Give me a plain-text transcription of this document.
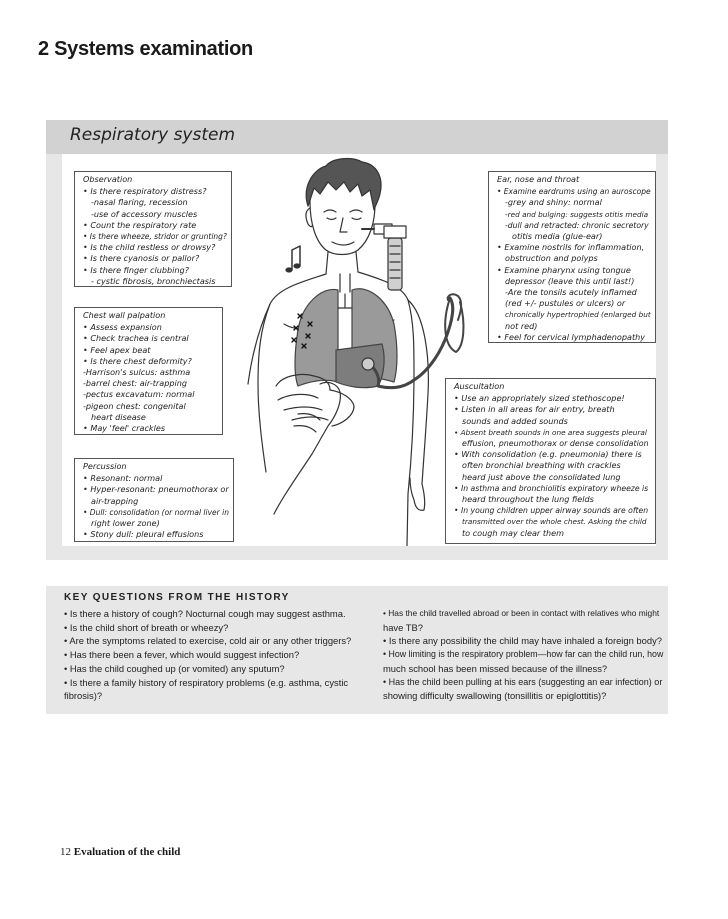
2 Systems examination
Respiratory system
Observation
• Is there respiratory distress?
-nasal flaring, recession
-use of accessory muscles
• Count the respiratory rate
• Is there wheeze, stridor or grunting?
• Is the child restless or drowsy?
• Is there cyanosis or pallor?
• Is there finger clubbing?
- cystic fibrosis, bronchiectasis
Chest wall palpation
• Assess expansion
• Check trachea is central
• Feel apex beat
• Is there chest deformity?
-Harrison's sulcus: asthma
-barrel chest: air-trapping
-pectus excavatum: normal
-pigeon chest: congenital
heart disease
• May 'feel' crackles
Percussion
• Resonant: normal
• Hyper-resonant: pneumothorax or
air-trapping
• Dull: consolidation (or normal liver in
right lower zone)
• Stony dull: pleural effusions
Ear, nose and throat
• Examine eardrums using an auroscope
-grey and shiny: normal
-red and bulging: suggests otitis media
-dull and retracted: chronic secretory
otitis media (glue-ear)
• Examine nostrils for inflammation,
obstruction and polyps
• Examine pharynx using tongue
depressor (leave this until last!)
-Are the tonsils acutely inflamed
(red +/- pustules or ulcers) or
chronically hypertrophied (enlarged but
not red)
• Feel for cervical lymphadenopathy
Auscultation
• Use an appropriately sized stethoscope!
• Listen in all areas for air entry, breath
sounds and added sounds
• Absent breath sounds in one area suggests pleural
effusion, pneumothorax or dense consolidation
• With consolidation (e.g. pneumonia) there is
often bronchial breathing with crackles
heard just above the consolidated lung
• In asthma and bronchiolitis expiratory wheeze is
heard throughout the lung fields
• In young children upper airway sounds are often
transmitted over the whole chest. Asking the child
to cough may clear them
KEY QUESTIONS FROM THE HISTORY
• Is there a history of cough? Nocturnal cough may suggest asthma.
• Is the child short of breath or wheezy?
• Are the symptoms related to exercise, cold air or any other triggers?
• Has there been a fever, which would suggest infection?
• Has the child coughed up (or vomited) any sputum?
• Is there a family history of respiratory problems (e.g. asthma, cystic
fibrosis)?
• Has the child travelled abroad or been in contact with relatives who might
have TB?
• Is there any possibility the child may have inhaled a foreign body?
• How limiting is the respiratory problem—how far can the child run, how
much school has been missed because of the illness?
• Has the child been pulling at his ears (suggesting an ear infection) or
showing difficulty swallowing (tonsillitis or epiglottitis)?
12 Evaluation of the child
